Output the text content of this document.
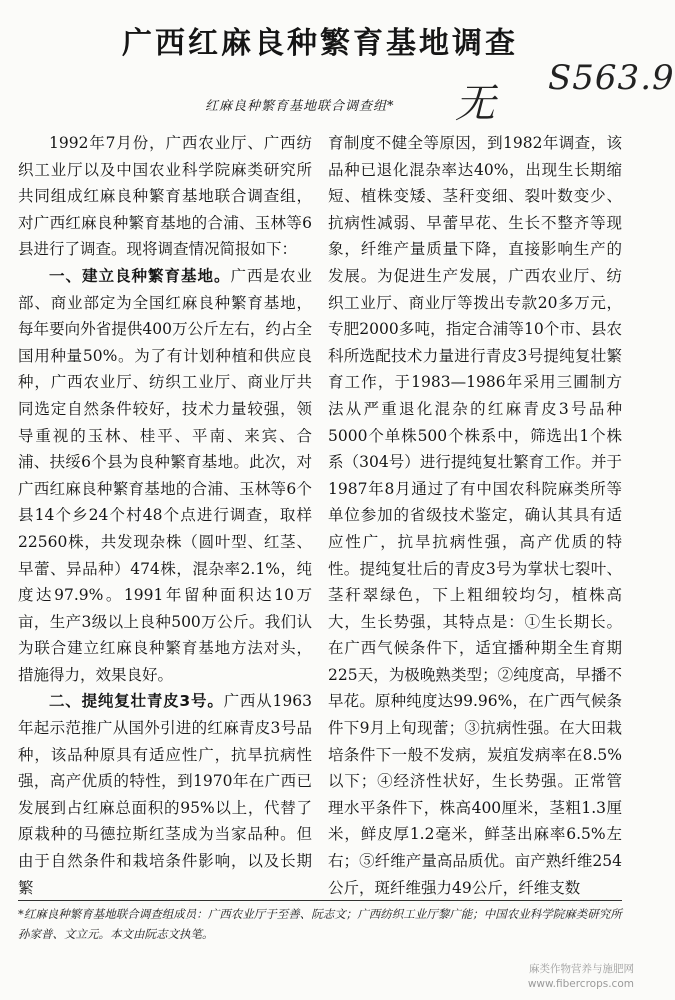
广西红麻良种繁育基地调查
红麻良种繁育基地联合调查组* 无
S563.9

1992年7月份，广西农业厅、广西纺织工业厅以及中国农业科学院麻类研究所共同组成红麻良种繁育基地联合调查组，对广西红麻良种繁育基地的合浦、玉林等6县进行了调查。现将调查情况简报如下：

一、建立良种繁育基地。广西是农业部、商业部定为全国红麻良种繁育基地，每年要向外省提供400万公斤左右，约占全国用种量50%。为了有计划种植和供应良种，广西农业厅、纺织工业厅、商业厅共同选定自然条件较好，技术力量较强，领导重视的玉林、桂平、平南、来宾、合浦、扶绥6个县为良种繁育基地。此次，对广西红麻良种繁育基地的合浦、玉林等6个县14个乡24个村48个点进行调查，取样22560株，共发现杂株（圆叶型、红茎、早蕾、异品种）474株，混杂率2.1%，纯度达97.9%。1991年留种面积达10万亩，生产3级以上良种500万公斤。我们认为联合建立红麻良种繁育基地方法对头，措施得力，效果良好。

二、提纯复壮青皮3号。广西从1963年起示范推广从国外引进的红麻青皮3号品种，该品种原具有适应性广，抗旱抗病性强，高产优质的特性，到1970年在广西已发展到占红麻总面积的95%以上，代替了原栽种的马德拉斯红茎成为当家品种。但由于自然条件和栽培条件影响，以及长期繁

育制度不健全等原因，到1982年调查，该品种已退化混杂率达40%，出现生长期缩短、植株变矮、茎秆变细、裂叶数变少、抗病性减弱、早蕾早花、生长不整齐等现象，纤维产量质量下降，直接影响生产的发展。为促进生产发展，广西农业厅、纺织工业厅、商业厅等拨出专款20多万元，专肥2000多吨，指定合浦等10个市、县农科所选配技术力量进行青皮3号提纯复壮繁育工作，于1983—1986年采用三圃制方法从严重退化混杂的红麻青皮3号品种5000个单株500个株系中，筛选出1个株系（304号）进行提纯复壮繁育工作。并于1987年8月通过了有中国农科院麻类所等单位参加的省级技术鉴定，确认其具有适应性广，抗旱抗病性强，高产优质的特性。提纯复壮后的青皮3号为掌状七裂叶、茎秆翠绿色，下上粗细较均匀，植株高大，生长势强，其特点是：①生长期长。在广西气候条件下，适宜播种期全生育期225天，为极晚熟类型；②纯度高，早播不早花。原种纯度达99.96%，在广西气候条件下9月上旬现蕾；③抗病性强。在大田栽培条件下一般不发病，炭疽发病率在8.5%以下；④经济性状好，生长势强。正常管理水平条件下，株高400厘米，茎粗1.3厘米，鲜皮厚1.2毫米，鲜茎出麻率6.5%左右；⑤纤维产量高品质优。亩产熟纤维254公斤，斑纤维强力49公斤，纤维支数

*红麻良种繁育基地联合调查组成员：广西农业厅于至善、阮志文；广西纺织工业厅黎广能；中国农业科学院麻类研究所孙家普、文立元。本文由阮志文执笔。
麻类作物营养与施肥网
www.fibercrops.com
